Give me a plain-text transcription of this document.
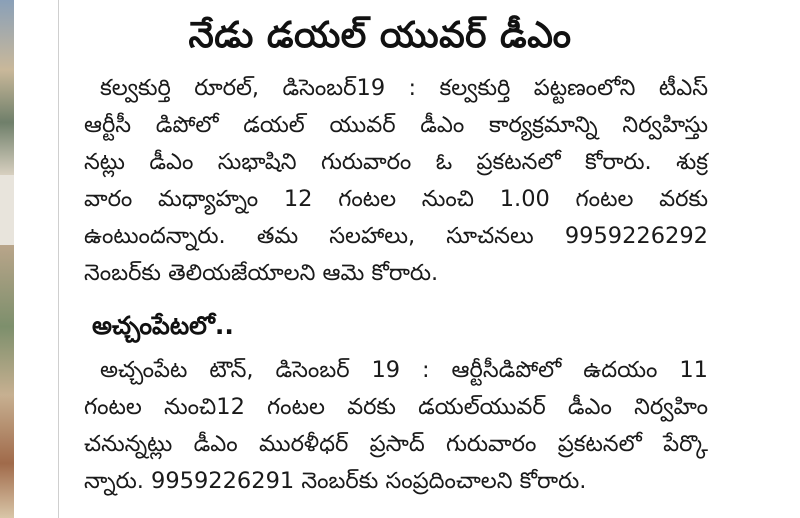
నేడు డయల్ యువర్ డీఎం
కల్వకుర్తి రూరల్, డిసెంబర్19 : కల్వకుర్తి పట్టణంలోని టీఎస్
ఆర్టీసీ డిపోలో డయల్ యువర్ డీఎం కార్యక్రమాన్ని నిర్వహిస్తు
నట్లు డీఎం సుభాషిని గురువారం ఓ ప్రకటనలో కోరారు. శుక్ర
వారం మధ్యాహ్నం 12 గంటల నుంచి 1.00 గంటల వరకు
ఉంటుందన్నారు. తమ సలహాలు, సూచనలు 9959226292
నెంబర్‌కు తెలియజేయాలని ఆమె కోరారు.
అచ్చంపేటలో..
అచ్చంపేట టౌన్, డిసెంబర్ 19 : ఆర్టీసీడిపోలో ఉదయం 11
గంటల నుంచి12 గంటల వరకు డయల్‌యువర్ డీఎం నిర్వహిం
చనున్నట్లు డీఎం మురళీధర్ ప్రసాద్ గురువారం ప్రకటనలో పేర్కొ
న్నారు. 9959226291 నెంబర్‌కు సంప్రదించాలని కోరారు.
